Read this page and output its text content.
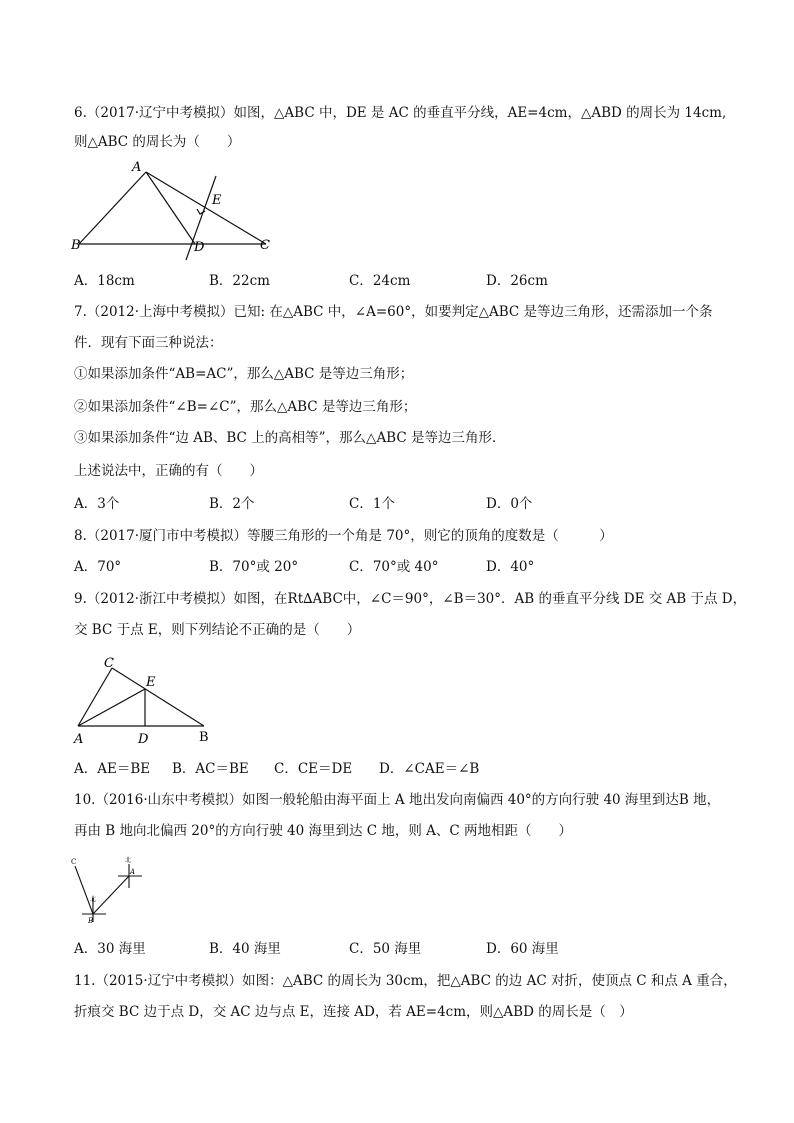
6.（2017·辽宁中考模拟）如图，△ABC 中，DE 是 AC 的垂直平分线，AE=4cm，△ABD 的周长为 14cm,
则△ABC 的周长为（　　）
A
B	C
D
E
A．18cm	B．22cm	C．24cm	D．26cm
7.（2012·上海中考模拟）已知: 在△ABC 中，∠A=60°，如要判定△ABC 是等边三角形，还需添加一个条
件．现有下面三种说法：
①如果添加条件“AB=AC”，那么△ABC 是等边三角形；
②如果添加条件“∠B=∠C”，那么△ABC 是等边三角形；
③如果添加条件“边 AB、BC 上的高相等”，那么△ABC 是等边三角形．
上述说法中，正确的有（　　）
A．3个	B．2个	C．1个	D．0个
8.（2017·厦门市中考模拟）等腰三角形的一个角是 70°，则它的顶角的度数是（　　　）
A．70°	B．70°或 20°	C．70°或 40°	D．40°
9.（2012·浙江中考模拟）如图，在Rt∆ABC中，∠C＝90°，∠B＝30°．AB 的垂直平分线 DE 交 AB 于点 D，
交 BC 于点 E，则下列结论不正确的是（　　）
C
E
A	D	B
A．AE＝BE B．AC＝BE C．CE＝DE D．∠CAE＝∠B
10.（2016·山东中考模拟）如图一般轮船由海平面上 A 地出发向南偏西 40°的方向行驶 40 海里到达B 地，
再由 B 地向北偏西 20°的方向行驶 40 海里到达 C 地，则 A、C 两地相距（　　）
C
B
A
北
北
A．30 海里	B．40 海里	C．50 海里	D．60 海里
11.（2015·辽宁中考模拟）如图：△ABC 的周长为 30cm，把△ABC 的边 AC 对折，使顶点 C 和点 A 重合，
折痕交 BC 边于点 D，交 AC 边与点 E，连接 AD，若 AE=4cm，则△ABD 的周长是（　）
